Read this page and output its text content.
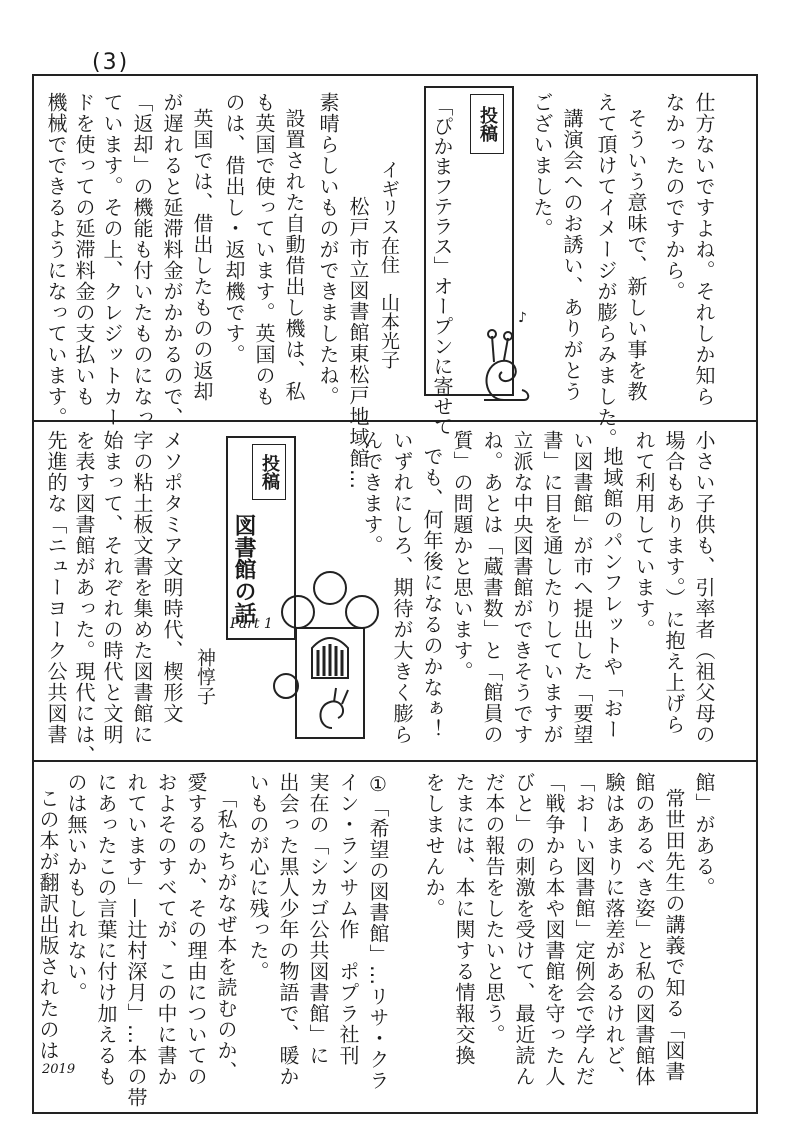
(3)
投稿
「ぴかまフテラス」オープンに寄せて
イギリス在住　山本光子	♪	仕方ないですよね。それしか知ら
なかったのですから。
そういう意味で、新しい事を教
えて頂けてイメージが膨らみました。
講演会へのお誘い、ありがとう
ございました。
松戸市立図書館東松戸地域館…
素晴らしいものができましたね。
設置された自動借出し機は、私
も英国で使っています。英国のも
のは、借出し・返却機です。
英国では、借出したものの返却
が遅れると延滞料金がかかるので、
「返却」の機能も付いたものになっ
ています。その上、クレジットカー
ドを使っての延滞料金の支払いも
機械でできるようになっています。
小さい子供も、引率者（祖父母の
場合もあります。）に抱え上げら
れて利用しています。
地域館のパンフレットや「おー
い図書館」が市へ提出した「要望
書」に目を通したりしていますが
立派な中央図書館ができそうです
ね。あとは「蔵書数」と「館員の
質」の問題かと思います。
でも、何年後になるのかなぁ！
いずれにしろ、期待が大きく膨ら
んできます。
投稿
図書館の話
Part 1
神惇子
メソポタミア文明時代、楔形文
字の粘土板文書を集めた図書館に
始まって、それぞれの時代と文明
を表す図書館があった。現代には、
先進的な「ニューヨーク公共図書
館」がある。
常世田先生の講義で知る「図書
館のあるべき姿」と私の図書館体
験はあまりに落差があるけれど、
「おーい図書館」定例会で学んだ
「戦争から本や図書館を守った人
びと」の刺激を受けて、最近読ん
だ本の報告をしたいと思う。
たまには、本に関する情報交換
をしませんか。
①「希望の図書館」…リサ・クラ
イン・ランサム作　ポプラ社刊
実在の「シカゴ公共図書館」に
出会った黒人少年の物語で、暖か
いものが心に残った。
「私たちがなぜ本を読むのか、
愛するのか、その理由についての
およそのすべてが、この中に書か
れています」—辻村深月」…本の帯
にあったこの言葉に付け加えるも
のは無いかもしれない。
この本が翻訳出版されたのは
2019
